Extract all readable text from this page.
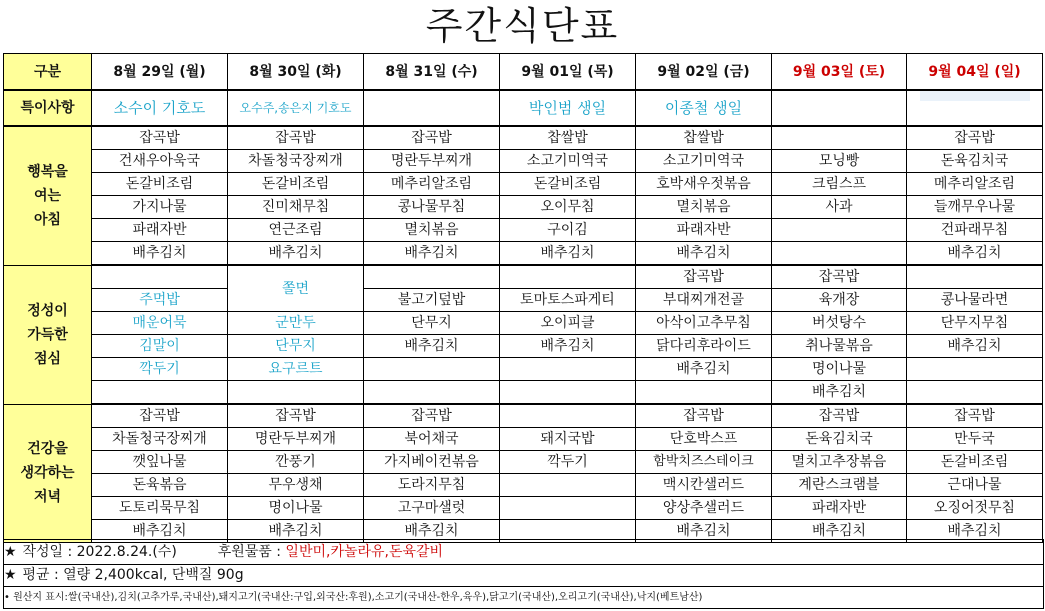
주간식단표
구분	8월 29일 (월)	8월 30일 (화)	8월 31일 (수)	9월 01일 (목)	9월 02일 (금)	9월 03일 (토)	9월 04일 (일)
특이사항	소수이 기호도	오수주,송은지 기호도		박인범 생일	이종철 생일		

행복을
여는
아침	잡곡밥	잡곡밥	잡곡밥	찹쌀밥	찹쌀밥		잡곡밥
	건새우아욱국	차돌청국장찌개	명란두부찌개	소고기미역국	소고기미역국	모닝빵	돈육김치국
	돈갈비조림	돈갈비조림	메추리알조림	돈갈비조림	호박새우젓볶음	크림스프	메추리알조림
	가지나물	진미채무침	콩나물무침	오이무침	멸치볶음	사과	들깨무우나물
	파래자반	연근조림	멸치볶음	구이김	파래자반		건파래무침
	배추김치	배추김치	배추김치	배추김치	배추김치		배추김치

정성이
가득한
점심		쫄면			잡곡밥	잡곡밥	
	주먹밥		불고기덮밥	토마토스파게티	부대찌개전골	육개장	콩나물라면
	매운어묵	군만두	단무지	오이피클	아삭이고추무침	버섯탕수	단무지무침
	김말이	단무지	배추김치	배추김치	닭다리후라이드	취나물볶음	배추김치
	깍두기	요구르트			배추김치	명이나물	
						배추김치	

건강을
생각하는
저녁	잡곡밥	잡곡밥	잡곡밥		잡곡밥	잡곡밥	잡곡밥
	차돌청국장찌개	명란두부찌개	북어채국	돼지국밥	단호박스프	돈육김치국	만두국
	깻잎나물	깐풍기	가지베이컨볶음	깍두기	함박치즈스테이크	멸치고추장볶음	돈갈비조림
	돈육볶음	무우생채	도라지무침		맥시칸샐러드	계란스크램블	근대나물
	도토리묵무침	명이나물	고구마샐럿		양상추샐러드	파래자반	오징어젓무침
	배추김치	배추김치	배추김치		배추김치	배추김치	배추김치
★ 작성일 : 2022.8.24.(수)	후원물품 : 일반미,카놀라유,돈육갈비
★ 평균 : 열량 2,400kcal, 단백질 90g
• 원산지 표시:쌀(국내산),김치(고추가루,국내산),돼지고기(국내산:구입,외국산:후원),소고기(국내산-한우,육우),닭고기(국내산),오리고기(국내산),낙지(베트남산)
